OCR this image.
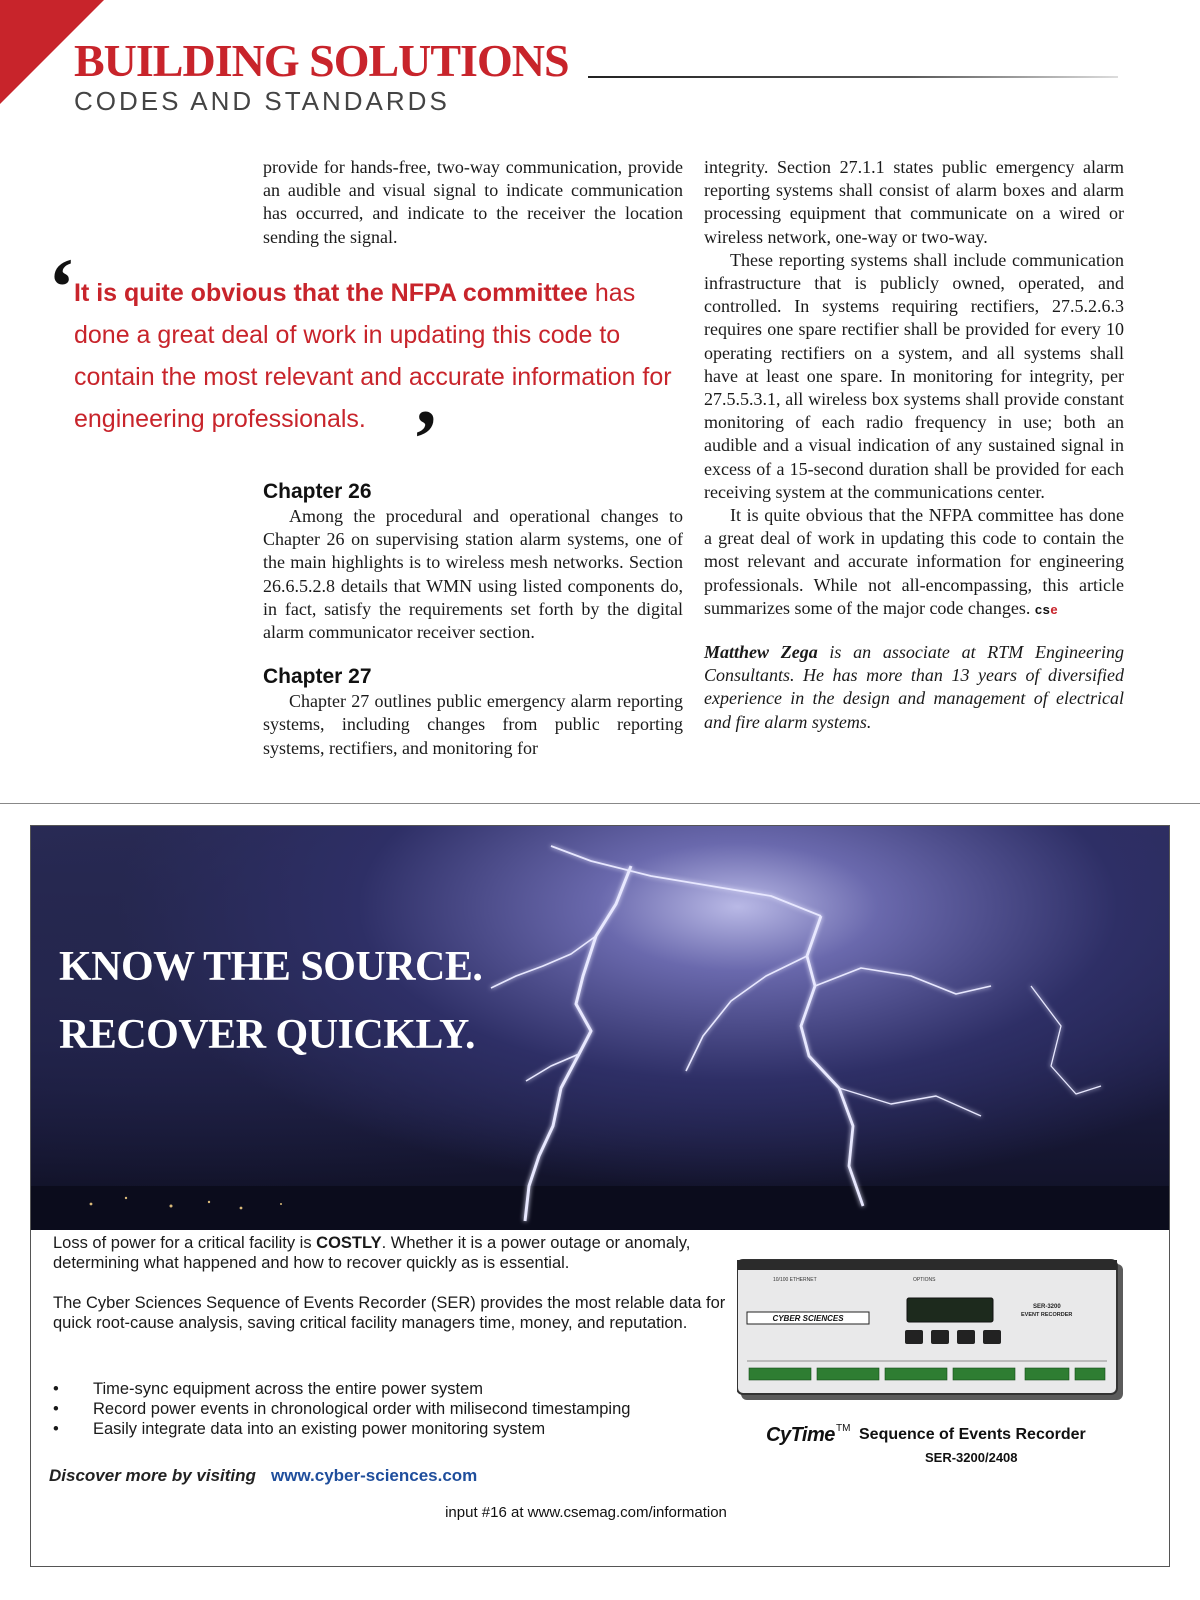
BUILDING SOLUTIONS
CODES AND STANDARDS
‘
It is quite obvious that the NFPA committee has done a great deal of work in updating this code to contain the most relevant and accurate information for engineering professionals. ’

provide for hands-free, two-way communication, provide an audible and visual signal to indicate communication has occurred, and indicate to the receiver the location sending the signal.

Chapter 26

Among the procedural and operational changes to Chapter 26 on supervising station alarm systems, one of the main highlights is to wireless mesh networks. Section 26.6.5.2.8 details that WMN using listed components do, in fact, satisfy the requirements set forth by the digital alarm communicator receiver section.

Chapter 27

Chapter 27 outlines public emergency alarm reporting systems, including changes from public reporting systems, rectifiers, and monitoring for

integrity. Section 27.1.1 states public emergency alarm reporting systems shall consist of alarm boxes and alarm processing equipment that communicate on a wired or wireless network, one-way or two-way.

These reporting systems shall include communication infrastructure that is publicly owned, operated, and controlled. In systems requiring rectifiers, 27.5.2.6.3 requires one spare rectifier shall be provided for every 10 operating rectifiers on a system, and all systems shall have at least one spare. In monitoring for integrity, per 27.5.5.3.1, all wireless box systems shall provide constant monitoring of each radio frequency in use; both an audible and a visual indication of any sustained signal in excess of a 15-second duration shall be provided for each receiving system at the communications center.

It is quite obvious that the NFPA committee has done a great deal of work in updating this code to contain the most relevant and accurate information for engineering professionals. While not all-encompassing, this article summarizes some of the major code changes. cse

Matthew Zega is an associate at RTM Engineering Consultants. He has more than 13 years of diversified experience in the design and management of electrical and fire alarm systems.

KNOW THE SOURCE.
RECOVER QUICKLY.

Loss of power for a critical facility is COSTLY. Whether it is a power outage or anomaly, determining what happened and how to recover quickly as is essential.

The Cyber Sciences Sequence of Events Recorder (SER) provides the most relable data for quick root-cause analysis, saving critical facility managers time, money, and reputation.

• Time-sync equipment across the entire power system
• Record power events in chronological order with milisecond timestamping
• Easily integrate data into an existing power monitoring system
Discover more by visiting www.cyber-sciences.com
10/100 ETHERNET	OPTIONS
CYBER SCIENCES
SER-3200
EVENT RECORDER
CyTime TM Sequence of Events Recorder
SER-3200/2408
input #16 at www.csemag.com/information
